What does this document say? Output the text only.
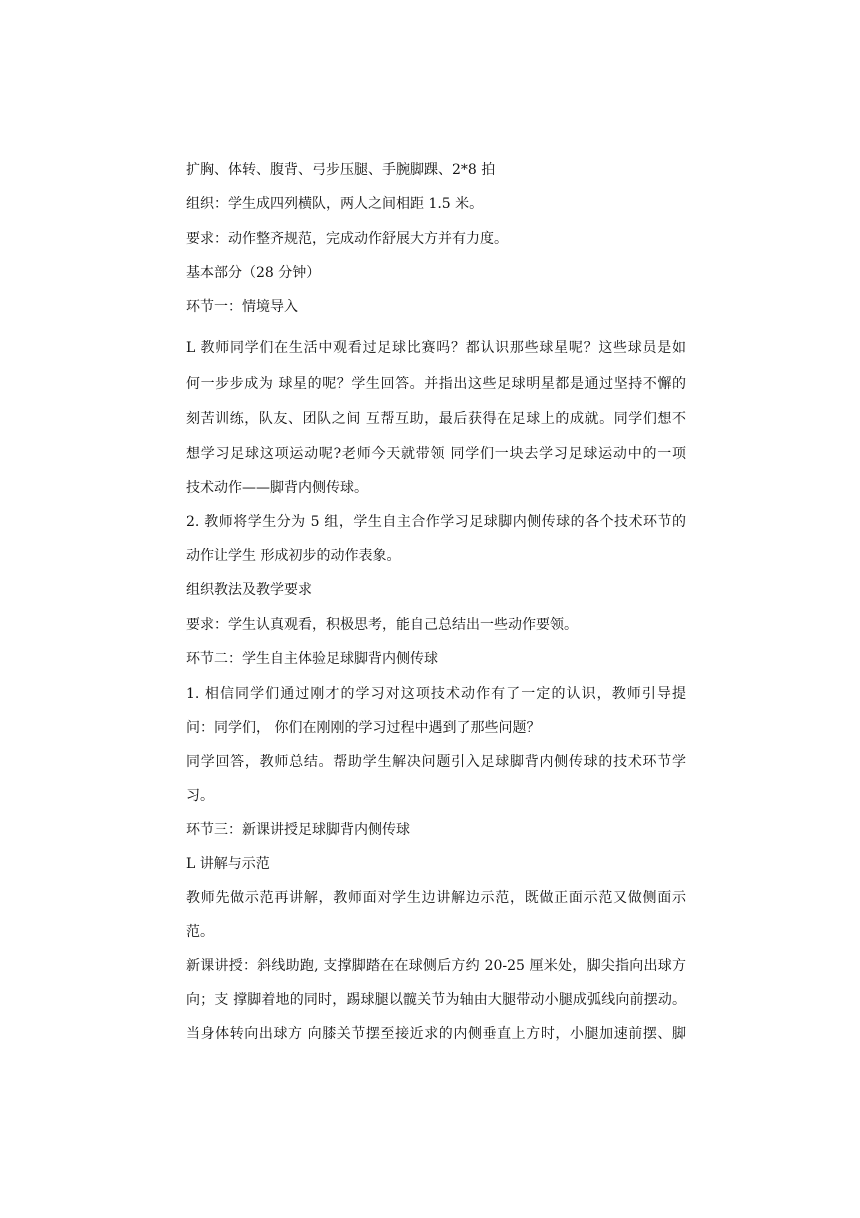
扩胸、体转、腹背、弓步压腿、手腕脚踝、2*8 拍

组织：学生成四列横队，两人之间相距 1.5 米。

要求：动作整齐规范，完成动作舒展大方并有力度。

基本部分（28 分钟）

环节一：情境导入

L 教师同学们在生活中观看过足球比赛吗？都认识那些球星呢？这些球员是如

何一步步成为 球星的呢？学生回答。并指出这些足球明星都是通过坚持不懈的

刻苦训练，队友、团队之间 互帮互助，最后获得在足球上的成就。同学们想不

想学习足球这项运动呢?老师今天就带领 同学们一块去学习足球运动中的一项

技术动作——脚背内侧传球。

2. 教师将学生分为 5 组，学生自主合作学习足球脚内侧传球的各个技术环节的

动作让学生 形成初步的动作表象。

组织教法及教学要求

要求：学生认真观看，积极思考，能自己总结出一些动作要领。

环节二：学生自主体验足球脚背内侧传球

1. 相信同学们通过刚才的学习对这项技术动作有了一定的认识，教师引导提

问：同学们， 你们在刚刚的学习过程中遇到了那些问题？

同学回答，教师总结。帮助学生解决问题引入足球脚背内侧传球的技术环节学

习。

环节三：新课讲授足球脚背内侧传球

L 讲解与示范

教师先做示范再讲解，教师面对学生边讲解边示范，既做正面示范又做侧面示

范。

新课讲授：斜线助跑, 支撑脚踏在在球侧后方约 20-25 厘米处，脚尖指向出球方

向；支 撑脚着地的同时，踢球腿以髋关节为轴由大腿带动小腿成弧线向前摆动。

当身体转向出球方 向膝关节摆至接近求的内侧垂直上方时，小腿加速前摆、脚
